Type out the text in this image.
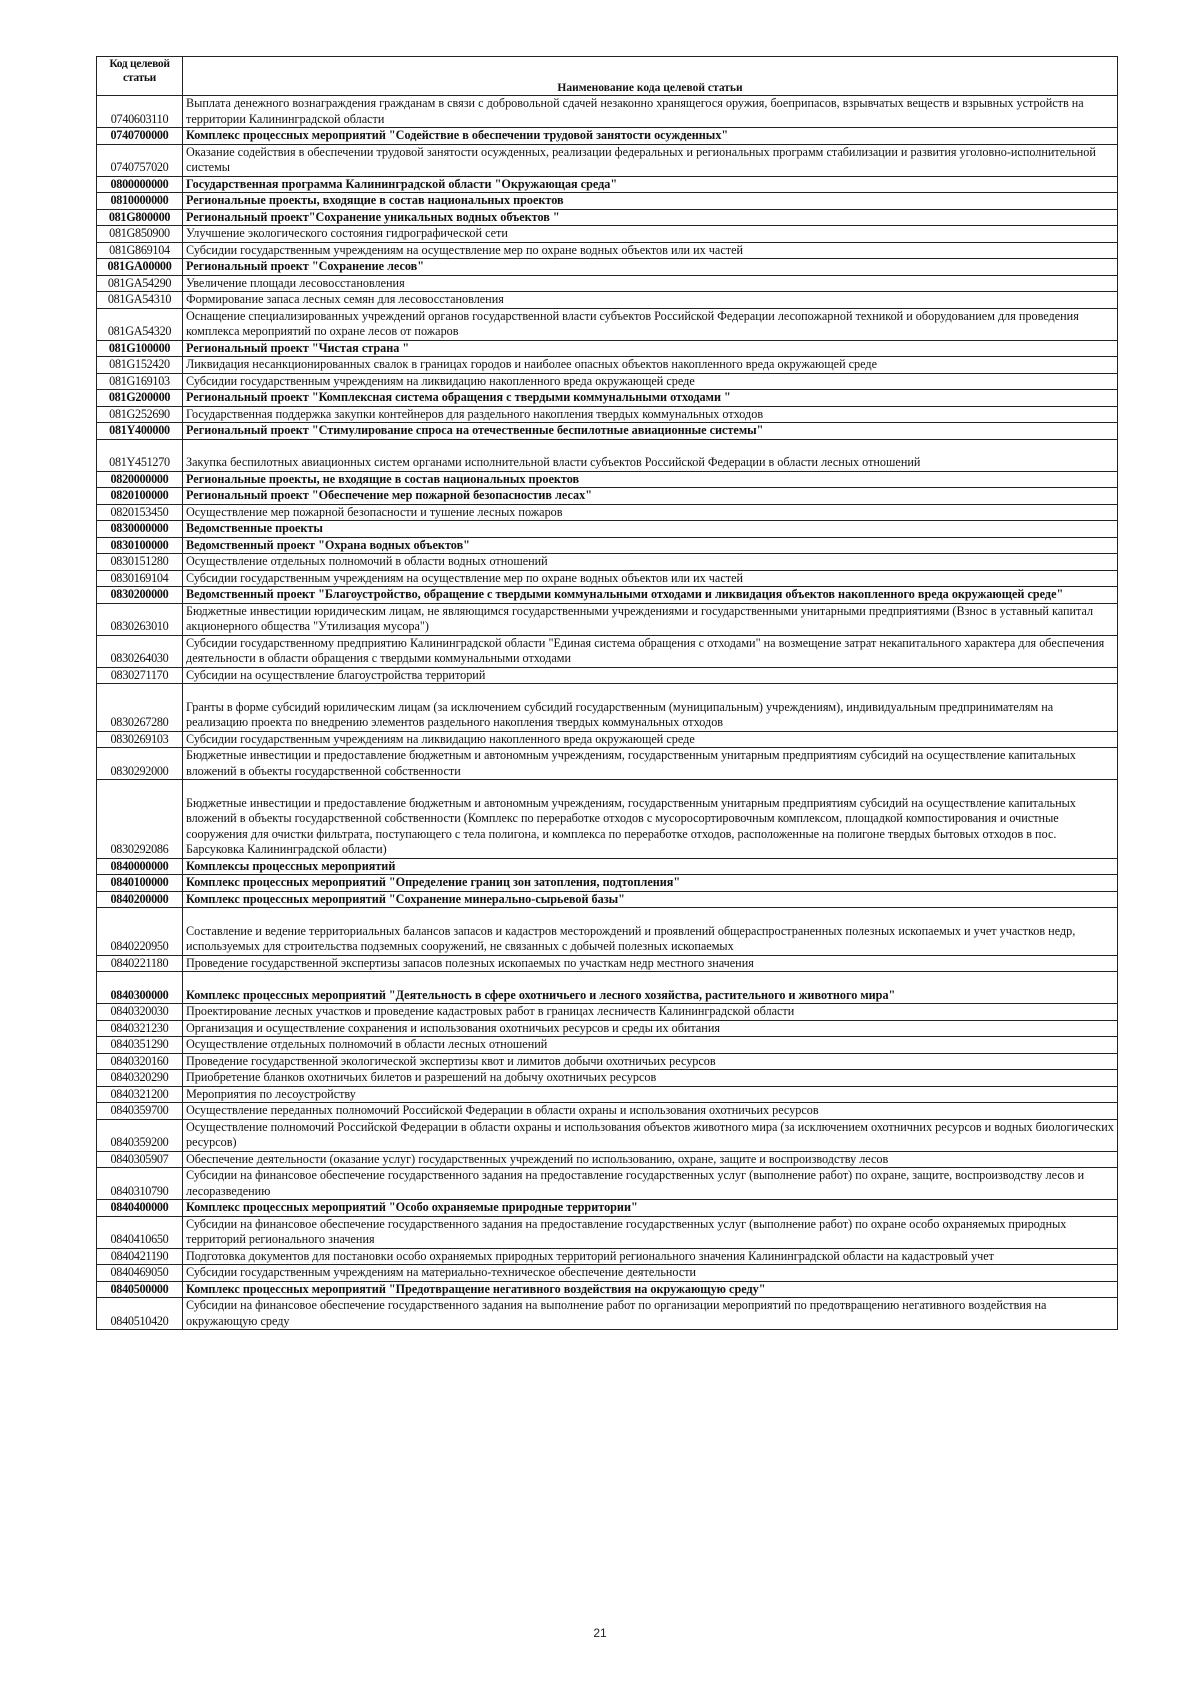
Код целевой статьи	Наименование кода целевой статьи
0740603110	Выплата денежного вознаграждения гражданам в связи с добровольной сдачей незаконно хранящегося оружия, боеприпасов, взрывчатых веществ и взрывных устройств на территории Калининградской области
0740700000	Комплекс процессных мероприятий "Содействие в обеспечении трудовой занятости осужденных"
0740757020	Оказание содействия в обеспечении трудовой занятости осужденных, реализации федеральных и региональных программ стабилизации и развития уголовно-исполнительной системы
0800000000	Государственная программа Калининградской области "Окружающая среда"
0810000000	Региональные проекты, входящие в состав национальных проектов
081G800000	Региональный проект"Сохранение уникальных водных объектов "
081G850900	Улучшение экологического состояния гидрографической сети
081G869104	Субсидии государственным учреждениям на осуществление мер по охране водных объектов или их частей
081GA00000	Региональный проект "Сохранение лесов"
081GA54290	Увеличение площади лесовосстановления
081GA54310	Формирование запаса лесных семян для лесовосстановления
081GA54320	Оснащение специализированных учреждений органов государственной власти субъектов Российской Федерации лесопожарной техникой и оборудованием для проведения комплекса мероприятий по охране лесов от пожаров
081G100000	Региональный проект "Чистая страна "
081G152420	Ликвидация несанкционированных свалок в границах городов и наиболее опасных объектов накопленного вреда окружающей среде
081G169103	Субсидии государственным учреждениям на ликвидацию накопленного вреда окружающей среде
081G200000	Региональный проект "Комплексная система обращения с твердыми коммунальными отходами "
081G252690	Государственная поддержка закупки контейнеров для раздельного накопления твердых коммунальных отходов
081Y400000	Региональный проект "Стимулирование спроса на отечественные беспилотные авиационные системы"
081Y451270	Закупка беспилотных авиационных систем органами исполнительной власти субъектов Российской Федерации в области лесных отношений
0820000000	Региональные проекты, не входящие в состав национальных проектов
0820100000	Региональный проект "Обеспечение мер пожарной безопасностив лесах"
0820153450	Осуществление мер пожарной безопасности и тушение лесных пожаров
0830000000	Ведомственные проекты
0830100000	Ведомственный проект "Охрана водных объектов"
0830151280	Осуществление отдельных полномочий в области водных отношений
0830169104	Субсидии государственным учреждениям на осуществление мер по охране водных объектов или их частей
0830200000	Ведомственный проект "Благоустройство, обращение с твердыми коммунальными отходами и ликвидация объектов накопленного вреда окружающей среде"
0830263010	Бюджетные инвестиции юридическим лицам, не являющимся государственными учреждениями и государственными унитарными предприятиями (Взнос в уставный капитал акционерного общества "Утилизация мусора")
0830264030	Субсидии государственному предприятию Калининградской области "Единая система обращения с отходами" на возмещение затрат некапитального характера для обеспечения деятельности в области обращения с твердыми коммунальными отходами
0830271170	Субсидии на осуществление благоустройства территорий
0830267280	Гранты в форме субсидий юрилическим лицам (за исключением субсидий государственным (муниципальным) учреждениям), индивидуальным предпринимателям на реализацию проекта по внедрению элементов раздельного накопления твердых коммунальных отходов
0830269103	Субсидии государственным учреждениям на ликвидацию накопленного вреда окружающей среде
0830292000	Бюджетные инвестиции и предоставление бюджетным и автономным учреждениям, государственным унитарным предприятиям субсидий на осуществление капитальных вложений в объекты государственной собственности
0830292086	Бюджетные инвестиции и предоставление бюджетным и автономным учреждениям, государственным унитарным предприятиям субсидий на осуществление капитальных вложений в объекты государственной собственности (Комплекс по переработке отходов с мусоросортировочным комплексом, площадкой компостирования и очистные сооружения для очистки фильтрата, поступающего с тела полигона, и комплекса по переработке отходов, расположенные на полигоне твердых бытовых отходов в пос. Барсуковка Калининградской области)
0840000000	Комплексы процессных мероприятий
0840100000	Комплекс процессных мероприятий "Определение границ зон затопления, подтопления"
0840200000	Комплекс процессных мероприятий "Сохранение минерально-сырьевой базы"
0840220950	Составление и ведение территориальных балансов запасов и кадастров месторождений и проявлений общераспространенных полезных ископаемых и учет участков недр, используемых для строительства подземных сооружений, не связанных с добычей полезных ископаемых
0840221180	Проведение государственной экспертизы запасов полезных ископаемых по участкам недр местного значения
0840300000	Комплекс процессных мероприятий "Деятельность в сфере охотничьего и лесного хозяйства, растительного и животного мира"
0840320030	Проектирование лесных участков и проведение кадастровых работ в границах лесничеств Калининградской области
0840321230	Организация и осуществление сохранения и использования охотничьих ресурсов и среды их обитания
0840351290	Осуществление отдельных полномочий в области лесных отношений
0840320160	Проведение государственной экологической экспертизы квот и лимитов добычи охотничьих ресурсов
0840320290	Приобретение бланков охотничьих билетов и разрешений на добычу охотничьих ресурсов
0840321200	Мероприятия по лесоустройству
0840359700	Осуществление переданных полномочий Российской Федерации в области охраны и использования охотничьих ресурсов
0840359200	Осуществление полномочий Российской Федерации в области охраны и использования объектов животного мира (за исключением охотничних ресурсов и водных биологических ресурсов)
0840305907	Обеспечение деятельности (оказание услуг) государственных учреждений по использованию, охране, защите и воспроизводству лесов
0840310790	Субсидии на финансовое обеспечение государственного задания на предоставление государственных услуг (выполнение работ) по охране, защите, воспроизводству лесов и лесоразведению
0840400000	Комплекс процессных мероприятий "Особо охраняемые природные территории"
0840410650	Субсидии на финансовое обеспечение государственного задания на предоставление государственных услуг (выполнение работ) по охране особо охраняемых природных территорий регионального значения
0840421190	Подготовка документов для постановки особо охраняемых природных территорий регионального значения Калининградской области на кадастровый учет
0840469050	Субсидии государственным учреждениям на материально-техническое обеспечение деятельности
0840500000	Комплекс процессных мероприятий "Предотвращение негативного воздействия на окружающую среду"
0840510420	Субсидии на финансовое обеспечение государственного задания на выполнение работ по организации мероприятий по предотвращению негативного воздействия на окружающую среду
21
